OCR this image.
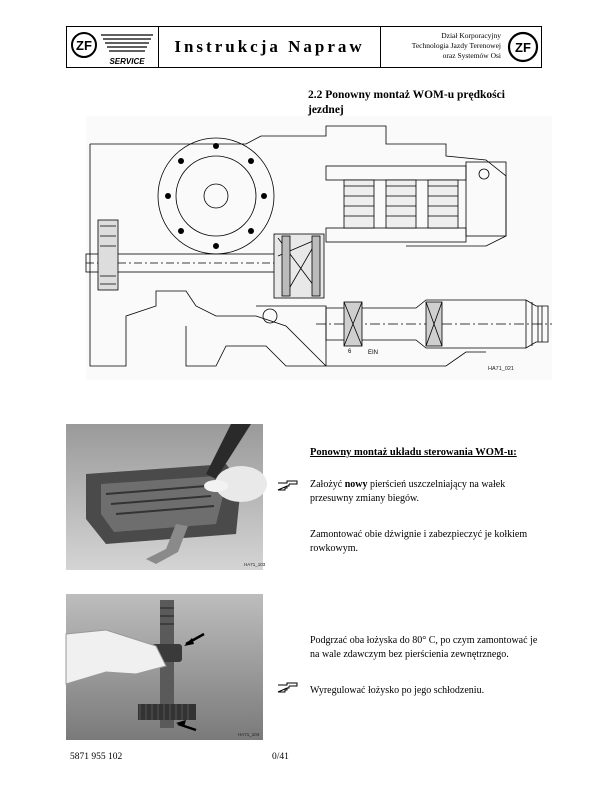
ZF
SERVICE
Instrukcja Napraw
Dział Korporacyjny
Technologia Jazdy Terenowej
oraz Systemów Osi
ZF
2.2 Ponowny montaż WOM-u prędkości jezdnej
6	EIN
HA71_021
HA71_103
HA71_104
Ponowny montaż układu sterowania WOM-u:
Założyć nowy pierścień uszczelniający na wałek przesuwny zmiany biegów.
Zamontować obie dźwignie i zabezpieczyć je kołkiem rowkowym.
Podgrzać oba łożyska do 80° C, po czym zamontować je na wale zdawczym bez pierścienia zewnętrznego.
Wyregulować łożysko po jego schłodzeniu.
5871 955 102	0/41
